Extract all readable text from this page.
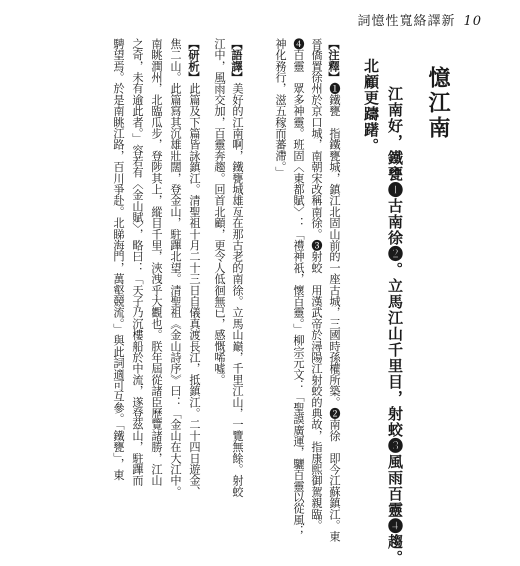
詞憶性寬絡譯新 10
憶江南
江南好，鐵甕❶古南徐❷。立馬江山千里目，射蛟❸風雨百靈❹趨。
北顧更躊躇。
【注釋】❶鐵甕　指鐵甕城，鎮江北固山前的一座古城，三國時孫權所築。❷南徐　即今江蘇鎮江。東
晉僑置徐州於京口城，南朝宋改稱南徐。❸射蛟　用漢武帝於潯陽江射蛟的典故，指康熙御駕親臨。
❹百靈　眾多神靈。班固〈東都賦〉：「禮神祇，懷百靈。」柳宗元文：「聖謨廣運，驪百靈以從風；
神化務行，滋五稼而蕃滯。」
【語譯】美好的江南啊，鐵甕城雄亙在那古老的南徐。立馬山巔，千里江山，一覽無餘。射蛟
江中，風雨交加，百靈奔趨。回首北顧，更令人低徊無已，感慨唏噓。
【研析】此篇及下篇皆詠鎮江。清聖祖十月二十三日自儀真渡長江，抵鎮江。二十四日遊金、
焦二山。此篇寫其沉雄壯闊，登金山，駐蹕北望。清聖祖《金山詩序》曰：「金山在大江中。
南眺潤州，北臨瓜步，登陟其上，縱目千里，浹洩乎大觀也。朕年屆從諸臣歷覽諸勝，江山
之奇，未有逾此者。」容若有〈金山賦〉，略曰：「天子乃沉樓船於中流，遂登茲山，駐蹕而
騁望焉。於是南眺江路，百川爭赴。北睇海門，萬壑競流。」與此詞適可互參。「鐵甕」，東
